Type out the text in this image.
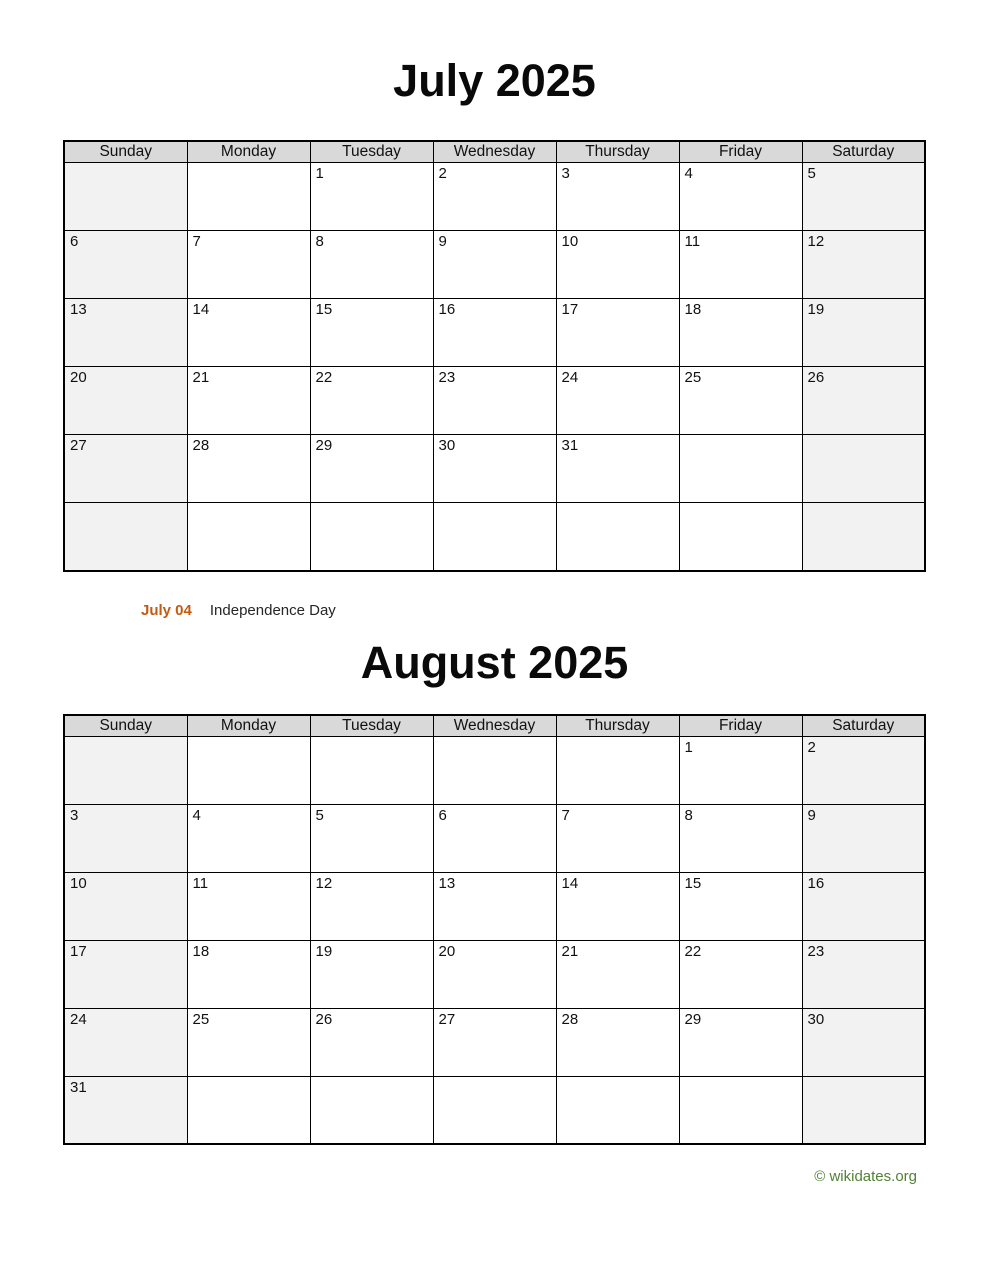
July 2025
Sunday	Monday	Tuesday	Wednesday	Thursday	Friday	Saturday
		1	2	3	4	5
6	7	8	9	10	11	12
13	14	15	16	17	18	19
20	21	22	23	24	25	26
27	28	29	30	31		

July 04 Independence Day
August 2025
Sunday	Monday	Tuesday	Wednesday	Thursday	Friday	Saturday
					1	2
3	4	5	6	7	8	9
10	11	12	13	14	15	16
17	18	19	20	21	22	23
24	25	26	27	28	29	30
31						
© wikidates.org
